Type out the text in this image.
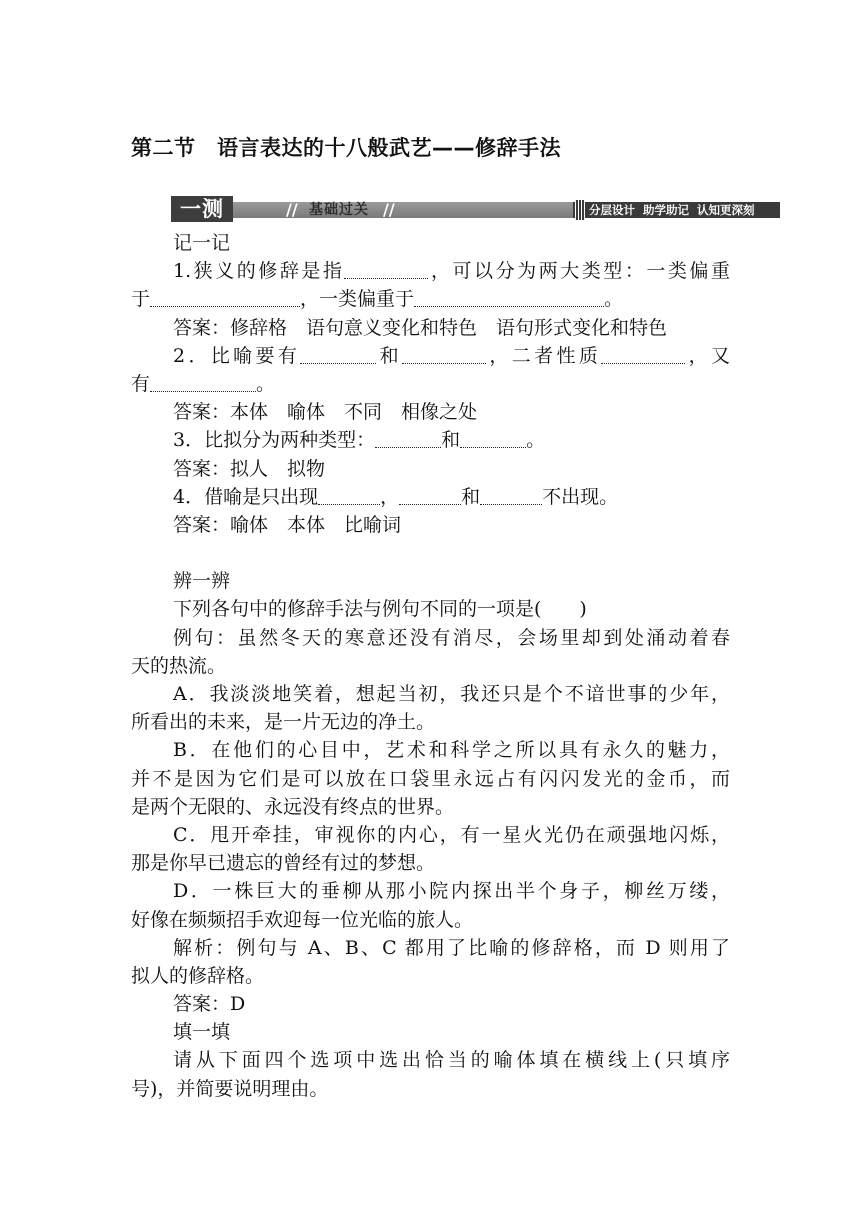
第二节　语言表达的十八般武艺——修辞手法
一测	// 基础过关 //	分层设计  助学助记  认知更深刻
记一记
1.狭义的修辞是指	，可以分为两大类型：一类偏重
于	，一类偏重于	。
答案：修辞格　语句意义变化和特色　语句形式变化和特色
2．比喻要有	和	，二者性质	，又
有	。
答案：本体　喻体　不同　相像之处
3．比拟分为两种类型：	和	。
答案：拟人　拟物
4．借喻是只出现	，	和	不出现。
答案：喻体　本体　比喻词
辨一辨
下列各句中的修辞手法与例句不同的一项是(　　)
例句：虽然冬天的寒意还没有消尽，会场里却到处涌动着春
天的热流。
A．我淡淡地笑着，想起当初，我还只是个不谙世事的少年，
所看出的未来，是一片无边的净土。
B．在他们的心目中，艺术和科学之所以具有永久的魅力，
并不是因为它们是可以放在口袋里永远占有闪闪发光的金币，而
是两个无限的、永远没有终点的世界。
C．甩开牵挂，审视你的内心，有一星火光仍在顽强地闪烁，
那是你早已遗忘的曾经有过的梦想。
D．一株巨大的垂柳从那小院内探出半个身子，柳丝万缕，
好像在频频招手欢迎每一位光临的旅人。
解析：例句与 A、B、C 都用了比喻的修辞格，而 D 则用了
拟人的修辞格。
答案：D
填一填
请从下面四个选项中选出恰当的喻体填在横线上(只填序
号)，并简要说明理由。
